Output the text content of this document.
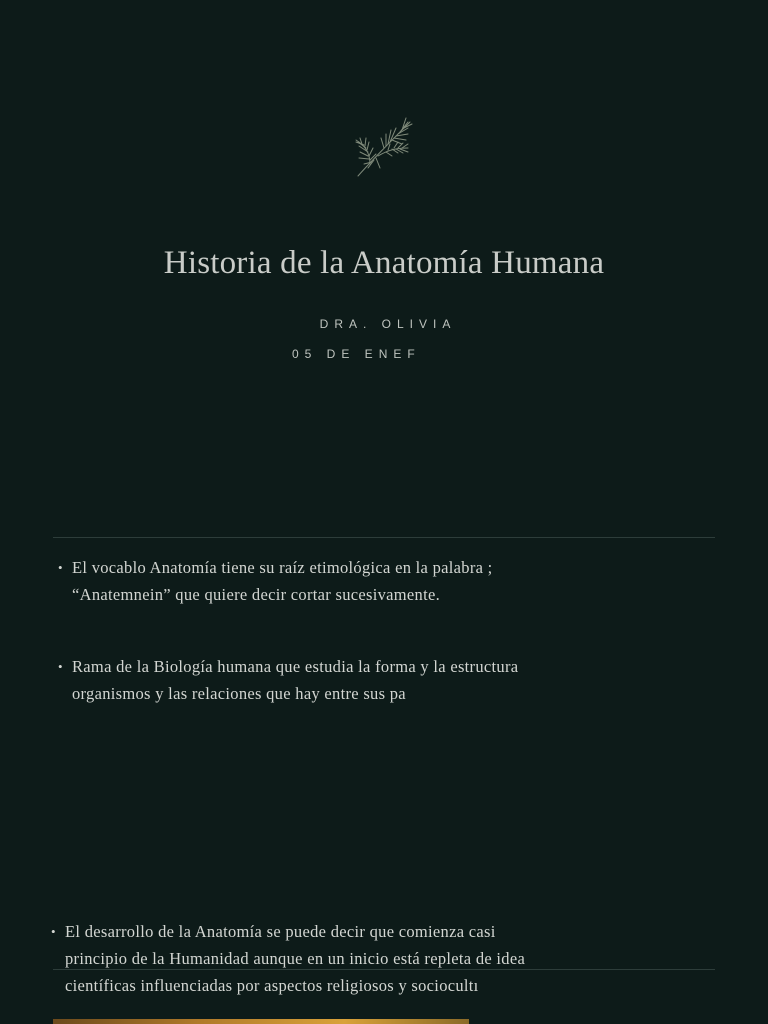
Historia de la Anatomía Humana
DRA. OLIVIA
05 DE ENEF
• El vocablo Anatomía tiene su raíz etimológica en la palabra ;
“Anatemnein” que quiere decir cortar sucesivamente.
• Rama de la Biología humana que estudia la forma y la estructura
organismos y las relaciones que hay entre sus pa
• El desarrollo de la Anatomía se puede decir que comienza casi
principio de la Humanidad aunque en un inicio está repleta de idea
científicas influenciadas por aspectos religiosos y sociocultı
